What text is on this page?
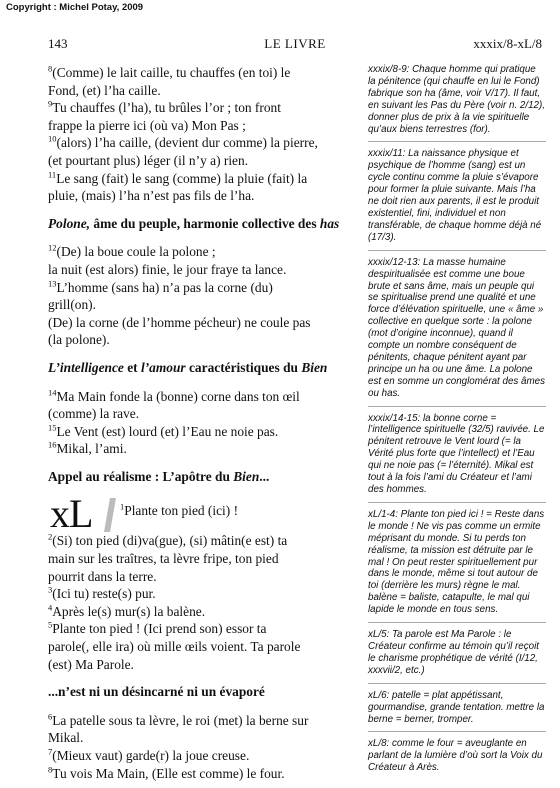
Copyright : Michel Potay, 2009
143	LE LIVRE	xxxix/8-xL/8

$^8$(Comme) le lait caille, tu chauffes (en toi) le
Fond, (et) l’ha caille.

$^9$Tu chauffes (l’ha), tu brûles l’or ; ton front
frappe la pierre ici (où va) Mon Pas ;

$^{10}$(alors) l’ha caille, (devient dur comme) la pierre,
(et pourtant plus) léger (il n’y a) rien.

$^{11}$Le sang (fait) le sang (comme) la pluie (fait) la
pluie, (mais) l’ha n’est pas fils de l’ha.

Polone, âme du peuple, harmonie collective des has

$^{12}$(De) la boue coule la polone ;
la nuit (est alors) finie, le jour fraye ta lance.

$^{13}$L’homme (sans ha) n’a pas la corne (du)
grill(on).

(De) la corne (de l’homme pécheur) ne coule pas
(la polone).

L’intelligence et l’amour caractéristiques du Bien

$^{14}$Ma Main fonde la (bonne) corne dans ton œil
(comme) la rave.

$^{15}$Le Vent (est) lourd (et) l’Eau ne noie pas.

$^{16}$Mikal, l’ami.

Appel au réalisme : L’apôtre du Bien...

xL	$^1$Plante ton pied (ici) !

$^2$(Si) ton pied (di)va(gue), (si) mâtin(e est) ta
main sur les traîtres, ta lèvre fripe, ton pied
pourrit dans la terre.

$^3$(Ici tu) reste(s) pur.

$^4$Après le(s) mur(s) la balène.

$^5$Plante ton pied ! (Ici prend son) essor ta
parole(, elle ira) où mille œils voient. Ta parole
(est) Ma Parole.

...n’est ni un désincarné ni un évaporé

$^6$La patelle sous ta lèvre, le roi (met) la berne sur
Mikal.

$^7$(Mieux vaut) garde(r) la joue creuse.

$^8$Tu vois Ma Main, (Elle est comme) le four.

xxxix/8-9: Chaque homme qui pratique la pénitence (qui chauffe en lui le Fond) fabrique son ha (âme, voir V/17). Il faut, en suivant les Pas du Père (voir n. 2/12), donner plus de prix à la vie spirituelle qu’aux biens terrestres (for).
xxxix/11: La naissance physique et psychique de l’homme (sang) est un cycle continu comme la pluie s’évapore pour former la pluie suivante. Mais l’ha ne doit rien aux parents, il est le produit existentiel, fini, individuel et non transférable, de chaque homme déjà né (17/3).
xxxix/12-13: La masse humaine despiritualisée est comme une boue brute et sans âme, mais un peuple qui se spiritualise prend une qualité et une force d’élévation spirituelle, une « âme » collective en quelque sorte : la polone (mot d’origine inconnue), quand il compte un nombre conséquent de pénitents, chaque pénitent ayant par principe un ha ou une âme. La polone est en somme un conglomérat des âmes ou has.
xxxix/14-15: la bonne corne = l’intelligence spirituelle (32/5) ravivée. Le pénitent retrouve le Vent lourd (= la Vérité plus forte que l’intellect) et l’Eau qui ne noie pas (= l’éternité). Mikal est tout à la fois l’ami du Créateur et l’ami des hommes.
xL/1-4: Plante ton pied ici ! = Reste dans le monde ! Ne vis pas comme un ermite méprisant du monde. Si tu perds ton réalisme, ta mission est détruite par le mal ! On peut rester spirituellement pur dans le monde, même si tout autour de toi (derrière les murs) règne le mal. balène = baliste, catapulte, le mal qui lapide le monde en tous sens.
xL/5: Ta parole est Ma Parole : le Créateur confirme au témoin qu’il reçoit le charisme prophétique de vérité (I/12, xxxvii/2, etc.)
xL/6: patelle = plat appétissant, gourmandise, grande tentation. mettre la berne = berner, tromper.
xL/8: comme le four = aveuglante en parlant de la lumière d’où sort la Voix du Créateur à Arès.
